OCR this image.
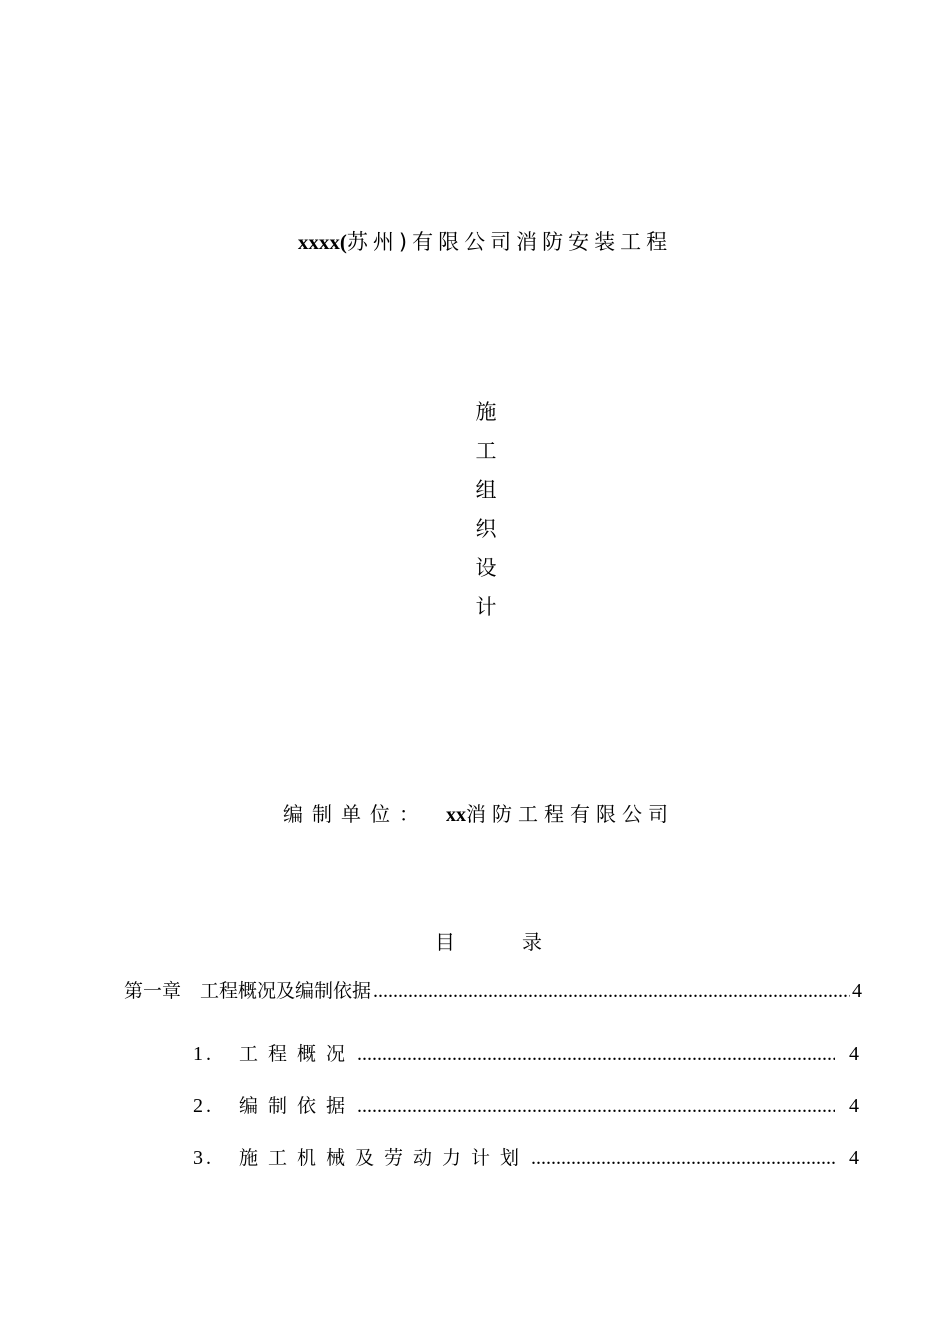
xxxx(苏州)有限公司消防安装工程
施
工
组
织
设
计
编制单位： xx消防工程有限公司
目	录
第一章　工程概况及编制依据 .....	4
1.	工程概况 .....	4
2.	编制依据 .....	4
3.	施工机械及劳动力计划 .....	4
